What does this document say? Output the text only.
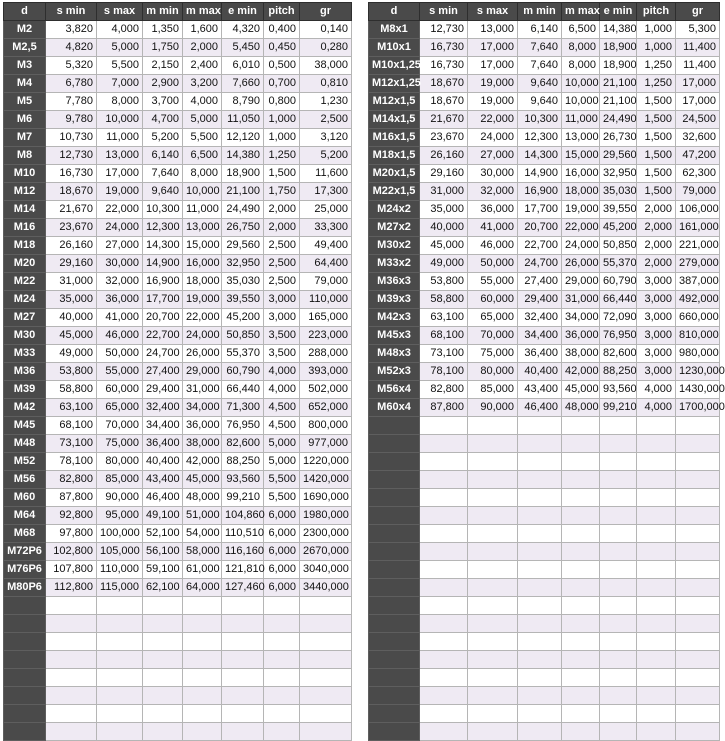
d	s min	s max	m min	m max	e min	pitch	gr
M2	3,820	4,000	1,350	1,600	4,320	0,400	0,140
M2,5	4,820	5,000	1,750	2,000	5,450	0,450	0,280
M3	5,320	5,500	2,150	2,400	6,010	0,500	38,000
M4	6,780	7,000	2,900	3,200	7,660	0,700	0,810
M5	7,780	8,000	3,700	4,000	8,790	0,800	1,230
M6	9,780	10,000	4,700	5,000	11,050	1,000	2,500
M7	10,730	11,000	5,200	5,500	12,120	1,000	3,120
M8	12,730	13,000	6,140	6,500	14,380	1,250	5,200
M10	16,730	17,000	7,640	8,000	18,900	1,500	11,600
M12	18,670	19,000	9,640	10,000	21,100	1,750	17,300
M14	21,670	22,000	10,300	11,000	24,490	2,000	25,000
M16	23,670	24,000	12,300	13,000	26,750	2,000	33,300
M18	26,160	27,000	14,300	15,000	29,560	2,500	49,400
M20	29,160	30,000	14,900	16,000	32,950	2,500	64,400
M22	31,000	32,000	16,900	18,000	35,030	2,500	79,000
M24	35,000	36,000	17,700	19,000	39,550	3,000	110,000
M27	40,000	41,000	20,700	22,000	45,200	3,000	165,000
M30	45,000	46,000	22,700	24,000	50,850	3,500	223,000
M33	49,000	50,000	24,700	26,000	55,370	3,500	288,000
M36	53,800	55,000	27,400	29,000	60,790	4,000	393,000
M39	58,800	60,000	29,400	31,000	66,440	4,000	502,000
M42	63,100	65,000	32,400	34,000	71,300	4,500	652,000
M45	68,100	70,000	34,400	36,000	76,950	4,500	800,000
M48	73,100	75,000	36,400	38,000	82,600	5,000	977,000
M52	78,100	80,000	40,400	42,000	88,250	5,000	1220,000
M56	82,800	85,000	43,400	45,000	93,560	5,500	1420,000
M60	87,800	90,000	46,400	48,000	99,210	5,500	1690,000
M64	92,800	95,000	49,100	51,000	104,860	6,000	1980,000
M68	97,800	100,000	52,100	54,000	110,510	6,000	2300,000
M72P6	102,800	105,000	56,100	58,000	116,160	6,000	2670,000
M76P6	107,800	110,000	59,100	61,000	121,810	6,000	3040,000
M80P6	112,800	115,000	62,100	64,000	127,460	6,000	3440,000

d	s min	s max	m min	m max	e min	pitch	gr
M8x1	12,730	13,000	6,140	6,500	14,380	1,000	5,300
M10x1	16,730	17,000	7,640	8,000	18,900	1,000	11,400
M10x1,25	16,730	17,000	7,640	8,000	18,900	1,250	11,400
M12x1,25	18,670	19,000	9,640	10,000	21,100	1,250	17,000
M12x1,5	18,670	19,000	9,640	10,000	21,100	1,500	17,000
M14x1,5	21,670	22,000	10,300	11,000	24,490	1,500	24,500
M16x1,5	23,670	24,000	12,300	13,000	26,730	1,500	32,600
M18x1,5	26,160	27,000	14,300	15,000	29,560	1,500	47,200
M20x1,5	29,160	30,000	14,900	16,000	32,950	1,500	62,300
M22x1,5	31,000	32,000	16,900	18,000	35,030	1,500	79,000
M24x2	35,000	36,000	17,700	19,000	39,550	2,000	106,000
M27x2	40,000	41,000	20,700	22,000	45,200	2,000	161,000
M30x2	45,000	46,000	22,700	24,000	50,850	2,000	221,000
M33x2	49,000	50,000	24,700	26,000	55,370	2,000	279,000
M36x3	53,800	55,000	27,400	29,000	60,790	3,000	387,000
M39x3	58,800	60,000	29,400	31,000	66,440	3,000	492,000
M42x3	63,100	65,000	32,400	34,000	72,090	3,000	660,000
M45x3	68,100	70,000	34,400	36,000	76,950	3,000	810,000
M48x3	73,100	75,000	36,400	38,000	82,600	3,000	980,000
M52x3	78,100	80,000	40,400	42,000	88,250	3,000	1230,000
M56x4	82,800	85,000	43,400	45,000	93,560	4,000	1430,000
M60x4	87,800	90,000	46,400	48,000	99,210	4,000	1700,000
